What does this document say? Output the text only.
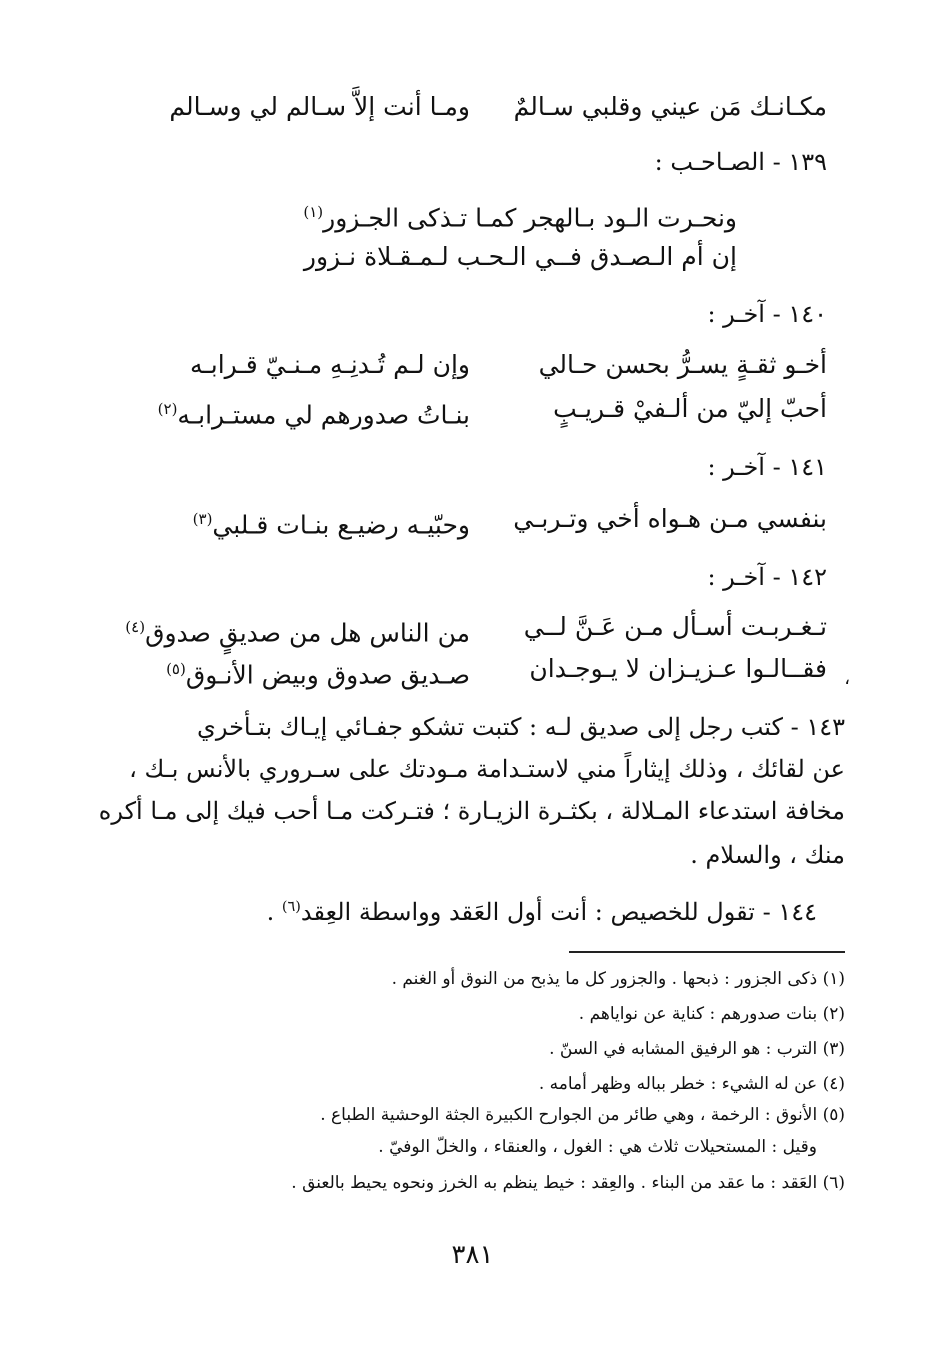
مكـانـك مَن عيني وقلبي سـالمٌ
ومـا أنت إلاَّ سـالم لي وسـالم
١٣٩ - الصـاحـب :
ونحـرت الـود بـالهجر كمـا تـذكى الجـزور$^{(١)}$
إن أم الـصـدق فــي الـحـب لـمـقـلاة نـزور
١٤٠ - آخـر :
أخـو ثقـةٍ يسـرُّ بحسن حـالي
وإن لـم تُـدنِـهِ مـنـيّ قـرابـه
أحبّ إليّ من ألـفيْ قـريـبٍ
بنـاتُ صدورهم لي مستـرابـه$^{(٢)}$
١٤١ - آخـر :
بنفسي مـن هـواه أخي وتـربـي
وحبّيـه رضيـع بنـات قـلبي$^{(٣)}$
١٤٢ - آخـر :
تـغـربـت أسـأل مـن عَـنَّ لــي
من الناس هل من صديقٍ صدوق$^{(٤)}$
فقــالـوا عـزيـزان لا يـوجـدان
صـديق صدوق وبيض الأنـوق$^{(٥)}$	،
١٤٣ - كتب رجل إلى صديق لـه : كتبت تشكو جفـائي إيـاك بتـأخري
عن لقائك ، وذلك إيثاراً مني لاستـدامة مـودتك على سـروري بالأنس بـك ،
مخافة استدعاء المـلالة ، بكثـرة الزيـارة ؛ فتـركت مـا أحب فيك إلى مـا أكره
منك ، والسلام .
١٤٤ - تقول للخصيص : أنت أول العَقد وواسطة العِقد$^{(٦)}$ .
(١) ذكى الجزور : ذبحها . والجزور كل ما يذبح من النوق أو الغنم .
(٢) بنات صدورهم : كناية عن نواياهم .
(٣) الترب : هو الرفيق المشابه في السنّ .
(٤) عن له الشيء : خطر بباله وظهر أمامه .
(٥) الأنوق : الرخمة ، وهي طائر من الجوارح الكبيرة الجثة الوحشية الطباع .
وقيل : المستحيلات ثلاث هي : الغول ، والعنقاء ، والخلّ الوفيّ .
(٦) العَقد : ما عقد من البناء . والعِقد : خيط ينظم به الخرز ونحوه يحيط بالعنق .
٣٨١
